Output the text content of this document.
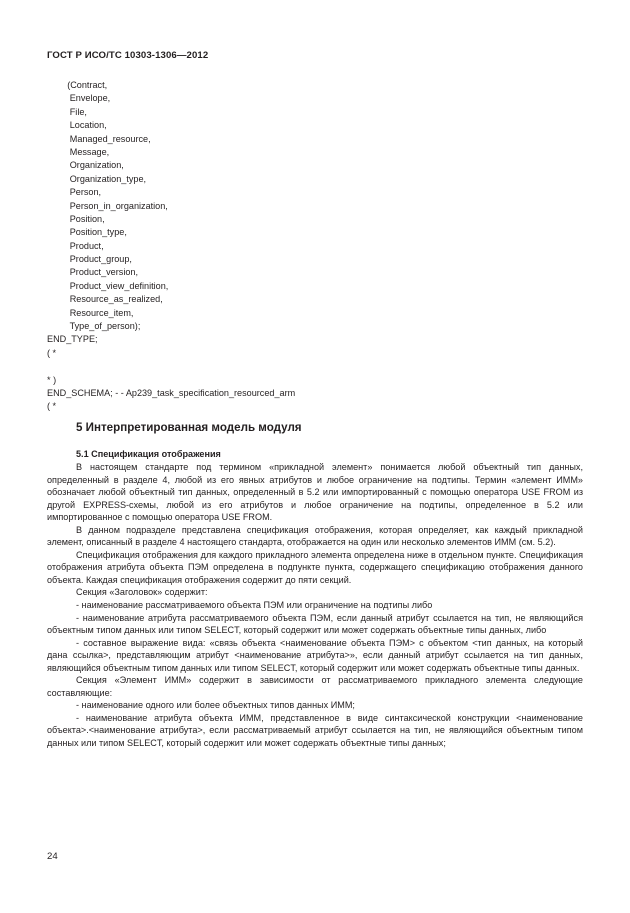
ГОСТ Р ИСО/ТС 10303-1306—2012
(Contract,
Envelope,
File,
Location,
Managed_resource,
Message,
Organization,
Organization_type,
Person,
Person_in_organization,
Position,
Position_type,
Product,
Product_group,
Product_version,
Product_view_definition,
Resource_as_realized,
Resource_item,
Type_of_person);
END_TYPE;
( *
* )
END_SCHEMA; - - Ap239_task_specification_resourced_arm
( *
5 Интерпретированная модель модуля
5.1 Спецификация отображения

В настоящем стандарте под термином «прикладной элемент» понимается любой объектный тип данных, определенный в разделе 4, любой из его явных атрибутов и любое ограничение на подтипы. Термин «элемент ИММ» обозначает любой объектный тип данных, определенный в 5.2 или импортированный с помощью оператора USE FROM из другой EXPRESS-схемы, любой из его атрибутов и любое ограничение на подтипы, определенное в 5.2 или импортированное с помощью оператора USE FROM.

В данном подразделе представлена спецификация отображения, которая определяет, как каждый прикладной элемент, описанный в разделе 4 настоящего стандарта, отображается на один или несколько элементов ИММ (см. 5.2).

Спецификация отображения для каждого прикладного элемента определена ниже в отдельном пункте. Спецификация отображения атрибута объекта ПЭМ определена в подпункте пункта, содержащего спецификацию отображения данного объекта. Каждая спецификация отображения содержит до пяти секций.

Секция «Заголовок» содержит:

- наименование рассматриваемого объекта ПЭМ или ограничение на подтипы либо

- наименование атрибута рассматриваемого объекта ПЭМ, если данный атрибут ссылается на тип, не являющийся объектным типом данных или типом SELECT, который содержит или может содержать объектные типы данных, либо

- составное выражение вида: «связь объекта <наименование объекта ПЭМ> с объектом <тип данных, на который дана ссылка>, представляющим атрибут <наименование атрибута>», если данный атрибут ссылается на тип данных, являющийся объектным типом данных или типом SELECT, который содержит или может содержать объектные типы данных.

Секция «Элемент ИММ» содержит в зависимости от рассматриваемого прикладного элемента следующие составляющие:

- наименование одного или более объектных типов данных ИММ;

- наименование атрибута объекта ИММ, представленное в виде синтаксической конструкции <наименование объекта>.<наименование атрибута>, если рассматриваемый атрибут ссылается на тип, не являющийся объектным типом данных или типом SELECT, который содержит или может содержать объектные типы данных;

24
